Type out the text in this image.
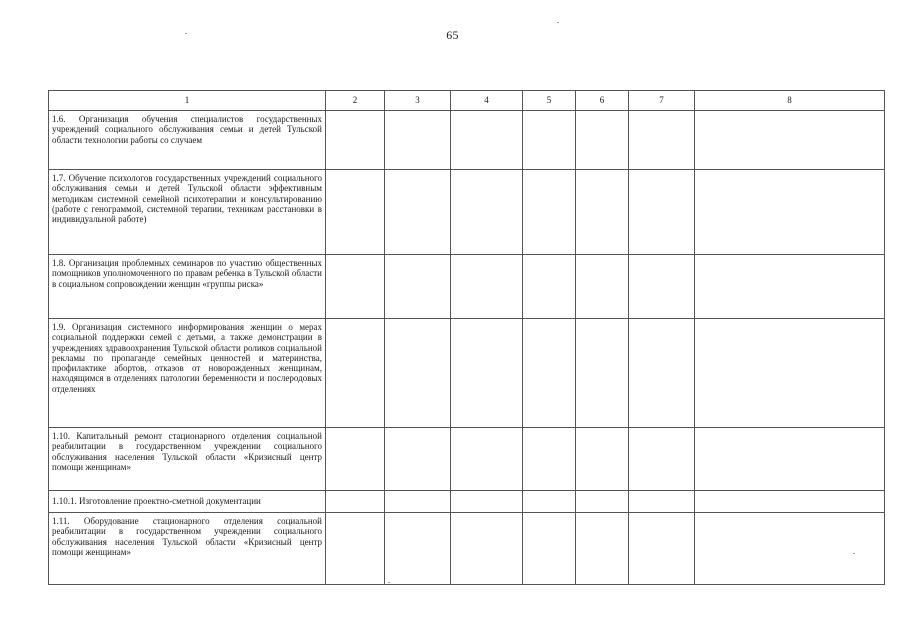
65
1	2	3	4	5	6	7	8
1.6. Организация обучения специалистов государственных учреждений социального обслуживания семьи и детей Тульской области технологии работы со случаем							
1.7. Обучение психологов государственных учреждений социального обслуживания семьи и детей Тульской области эффективным методикам системной семейной психотерапии и консультированию (работе с генограммой, системной терапии, техникам расстановки в индивидуальной работе)							
1.8. Организация проблемных семинаров по участию общественных помощников уполномоченного по правам ребенка в Тульской области в социальном сопровождении женщин «группы риска»							
1.9. Организация системного информирования женщин о мерах социальной поддержки семей с детьми, а также демонстрации в учреждениях здравоохранения Тульской области роликов социальной рекламы по пропаганде семейных ценностей и материнства, профилактике абортов, отказов от новорожденных женщинам, находящимся в отделениях патологии беременности и послеродовых отделениях							
1.10. Капитальный ремонт стационарного отделения социальной реабилитации в государственном учреждении социального обслуживания населения Тульской области «Кризисный центр помощи женщинам»							
1.10.1. Изготовление проектно-сметной документации							
1.11. Оборудование стационарного отделения социальной реабилитации в государственном учреждении социального обслуживания населения Тульской области «Кризисный центр помощи женщинам»							
